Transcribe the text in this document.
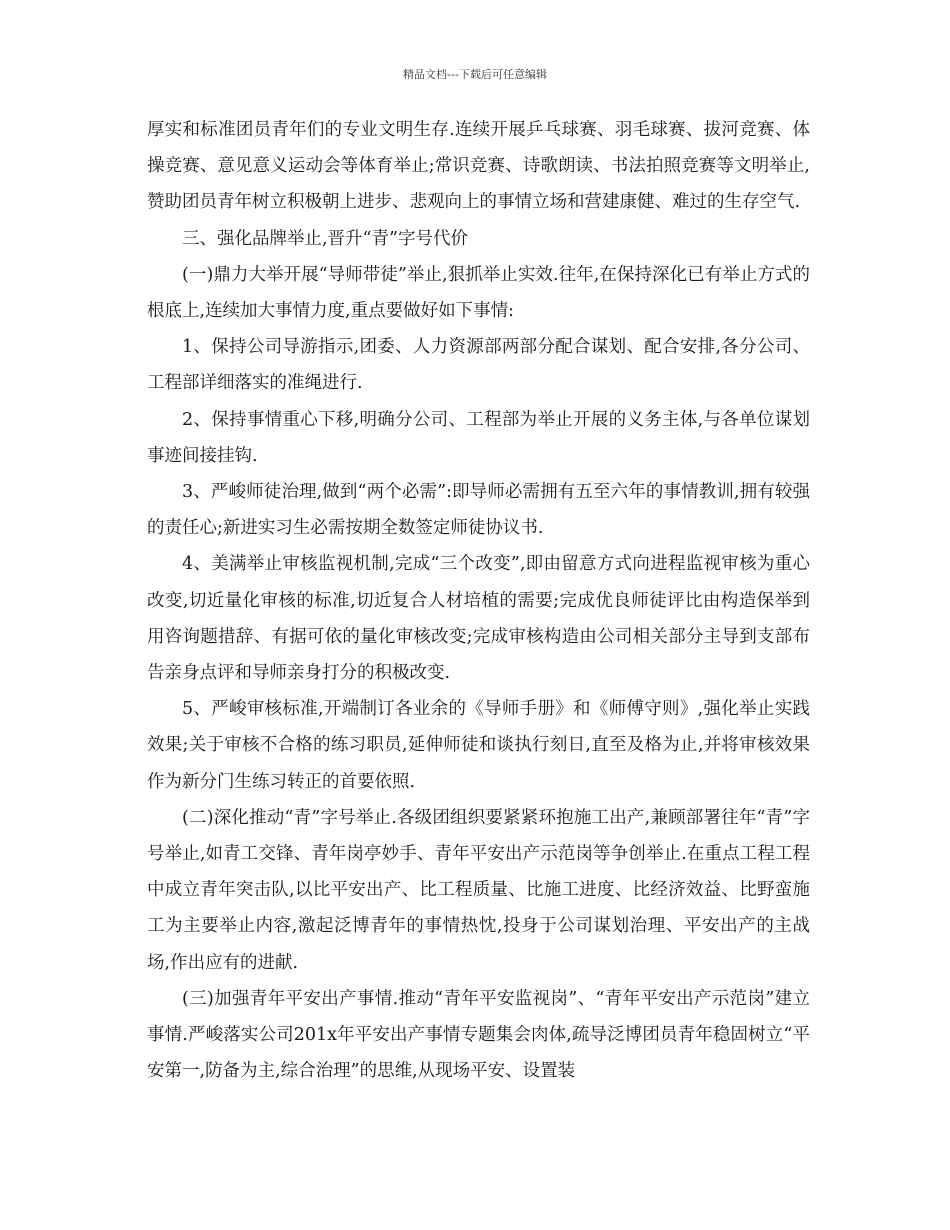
精品文档---下载后可任意编辑

厚实和标准团员青年们的专业文明生存.连续开展乒乓球赛、羽毛球赛、拔河竞赛、体操竞赛、意见意义运动会等体育举止;常识竞赛、诗歌朗读、书法拍照竞赛等文明举止,赞助团员青年树立积极朝上进步、悲观向上的事情立场和营建康健、难过的生存空气.

三、强化品牌举止,晋升“青”字号代价

(一)鼎力大举开展“导师带徒”举止,狠抓举止实效.往年,在保持深化已有举止方式的根底上,连续加大事情力度,重点要做好如下事情:

1、保持公司导游指示,团委、人力资源部两部分配合谋划、配合安排,各分公司、工程部详细落实的准绳进行.

2、保持事情重心下移,明确分公司、工程部为举止开展的义务主体,与各单位谋划事迹间接挂钩.

3、严峻师徒治理,做到“两个必需”:即导师必需拥有五至六年的事情教训,拥有较强的责任心;新进实习生必需按期全数签定师徒协议书.

4、美满举止审核监视机制,完成“三个改变”,即由留意方式向进程监视审核为重心改变,切近量化审核的标准,切近复合人材培植的需要;完成优良师徒评比由构造保举到用咨询题措辞、有据可依的量化审核改变;完成审核构造由公司相关部分主导到支部布告亲身点评和导师亲身打分的积极改变.

5、严峻审核标准,开端制订各业余的《导师手册》和《师傅守则》,强化举止实践效果;关于审核不合格的练习职员,延伸师徒和谈执行刻日,直至及格为止,并将审核效果作为新分门生练习转正的首要依照.

(二)深化推动“青”字号举止.各级团组织要紧紧环抱施工出产,兼顾部署往年“青”字号举止,如青工交锋、青年岗亭妙手、青年平安出产示范岗等争创举止.在重点工程工程中成立青年突击队,以比平安出产、比工程质量、比施工进度、比经济效益、比野蛮施工为主要举止内容,激起泛博青年的事情热忱,投身于公司谋划治理、平安出产的主战场,作出应有的进献.

(三)加强青年平安出产事情.推动“青年平安监视岗”、“青年平安出产示范岗”建立事情.严峻落实公司201x年平安出产事情专题集会肉体,疏导泛博团员青年稳固树立“平安第一,防备为主,综合治理”的思维,从现场平安、设置装
